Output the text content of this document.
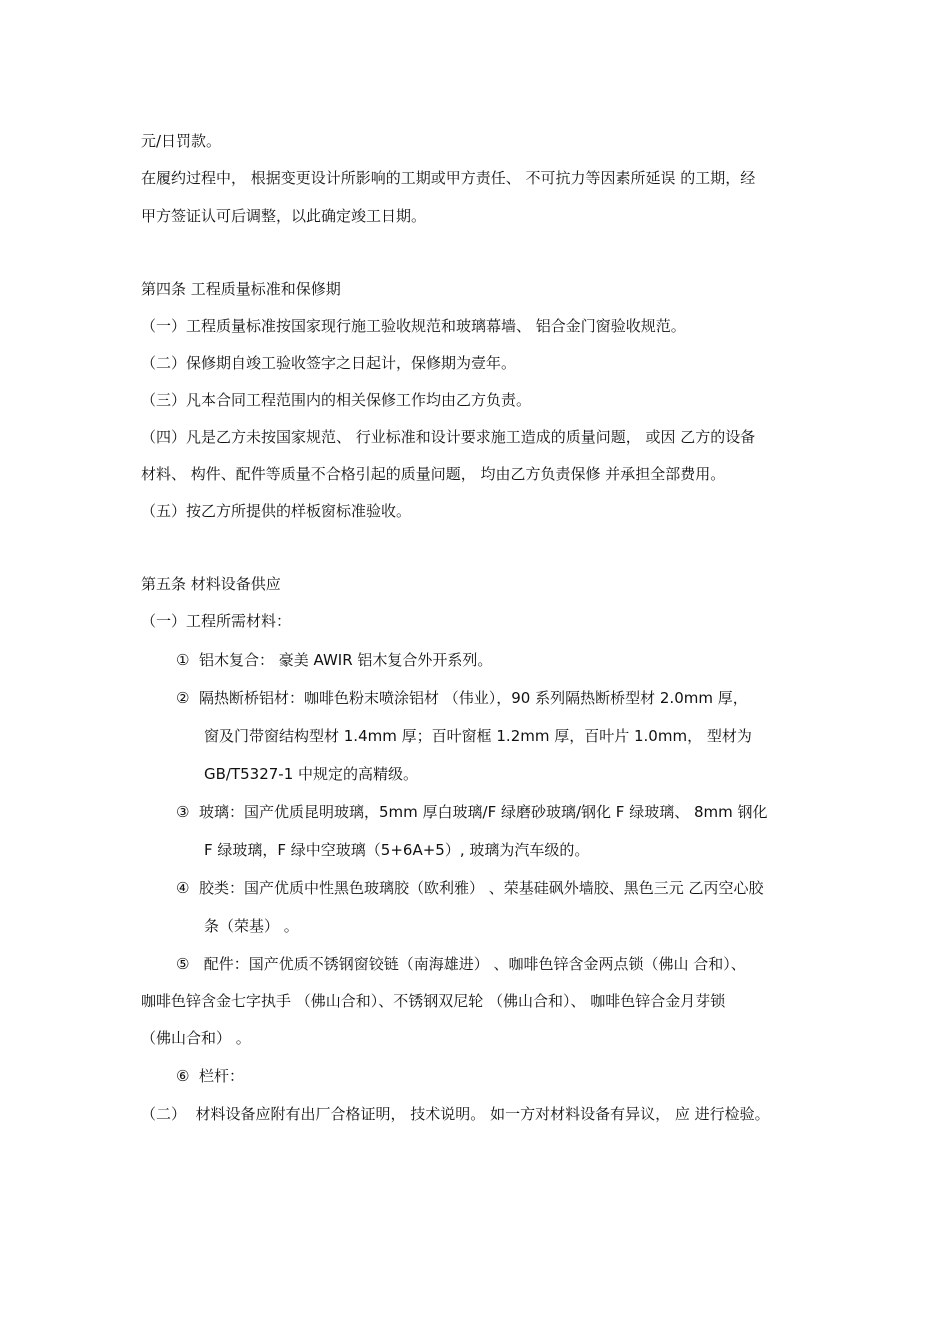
元/日罚款。
在履约过程中， 根据变更设计所影响的工期或甲方责任、 不可抗力等因素所延误 的工期，经
甲方签证认可后调整，以此确定竣工日期。
第四条 工程质量标准和保修期
（一）工程质量标准按国家现行施工验收规范和玻璃幕墙、 铝合金门窗验收规范。
（二）保修期自竣工验收签字之日起计，保修期为壹年。
（三）凡本合同工程范围内的相关保修工作均由乙方负责。
（四）凡是乙方未按国家规范、 行业标准和设计要求施工造成的质量问题， 或因 乙方的设备
材料、 构件、配件等质量不合格引起的质量问题， 均由乙方负责保修 并承担全部费用。
（五）按乙方所提供的样板窗标准验收。
第五条 材料设备供应
（一）工程所需材料：
①  铝木复合： 豪美 AWIR 铝木复合外开系列。
②  隔热断桥铝材：咖啡色粉末喷涂铝材 （伟业），90 系列隔热断桥型材 2.0mm 厚，
窗及门带窗结构型材 1.4mm 厚；百叶窗框 1.2mm 厚，百叶片 1.0mm， 型材为
GB/T5327-1 中规定的高精级。
③  玻璃：国产优质昆明玻璃，5mm 厚白玻璃/F 绿磨砂玻璃/钢化 F 绿玻璃、 8mm 钢化
F 绿玻璃，F 绿中空玻璃（5+6A+5）, 玻璃为汽车级的。
④  胶类：国产优质中性黑色玻璃胶（欧利雅） 、荣基硅砜外墙胶、黑色三元 乙丙空心胶
条（荣基） 。
⑤   配件：国产优质不锈钢窗铰链（南海雄进） 、咖啡色锌含金两点锁（佛山 合和）、
咖啡色锌含金七字执手 （佛山合和）、不锈钢双尼轮 （佛山合和）、 咖啡色锌合金月芽锁
（佛山合和） 。
⑥  栏杆：
（二）  材料设备应附有出厂合格证明， 技术说明。 如一方对材料设备有异议， 应 进行检验。
